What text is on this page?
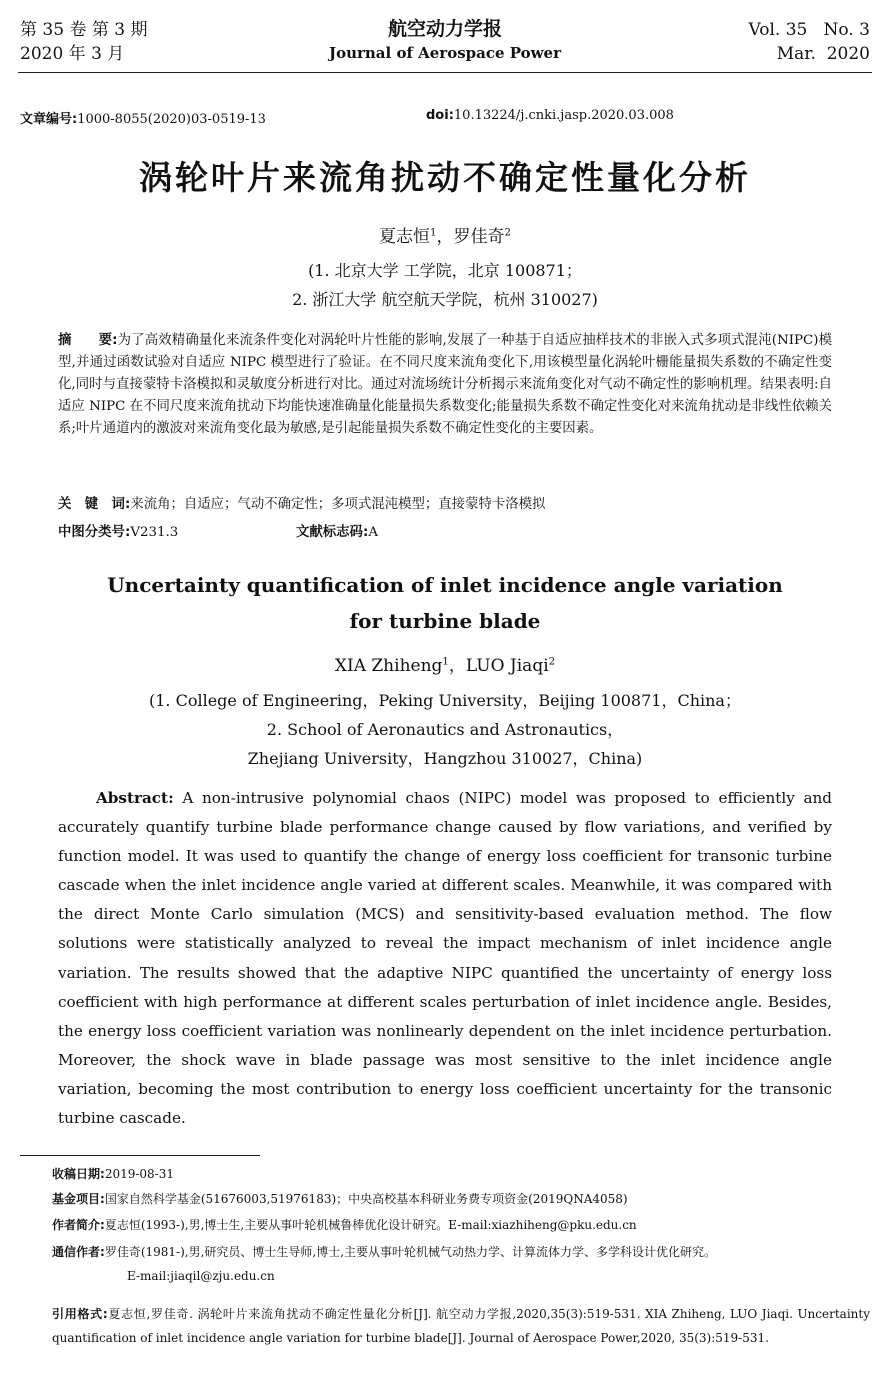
第 35 卷 第 3 期
2020 年 3 月
航空动力学报
Journal of Aerospace Power
Vol. 35   No. 3
Mar.  2020
文章编号:1000-8055(2020)03-0519-13	doi:10.13224/j.cnki.jasp.2020.03.008
涡轮叶片来流角扰动不确定性量化分析
夏志恒$^1$，罗佳奇$^2$
(1. 北京大学 工学院，北京 100871；
2. 浙江大学 航空航天学院，杭州 310027)
摘　　要:为了高效精确量化来流条件变化对涡轮叶片性能的影响,发展了一种基于自适应抽样技术的非嵌入式多项式混沌(NIPC)模型,并通过函数试验对自适应 NIPC 模型进行了验证。在不同尺度来流角变化下,用该模型量化涡轮叶栅能量损失系数的不确定性变化,同时与直接蒙特卡洛模拟和灵敏度分析进行对比。通过对流场统计分析揭示来流角变化对气动不确定性的影响机理。结果表明:自适应 NIPC 在不同尺度来流角扰动下均能快速准确量化能量损失系数变化;能量损失系数不确定性变化对来流角扰动是非线性依赖关系;叶片通道内的激波对来流角变化最为敏感,是引起能量损失系数不确定性变化的主要因素。
关　键　词:来流角；自适应；气动不确定性；多项式混沌模型；直接蒙特卡洛模拟
中图分类号:V231.3	文献标志码:A
Uncertainty quantification of inlet incidence angle variation
for turbine blade
XIA Zhiheng$^1$，LUO Jiaqi$^2$
(1. College of Engineering，Peking University，Beijing 100871，China；
2. School of Aeronautics and Astronautics，
Zhejiang University，Hangzhou 310027，China)
Abstract: A non-intrusive polynomial chaos (NIPC) model was proposed to efficiently and accurately quantify turbine blade performance change caused by flow variations, and verified by function model. It was used to quantify the change of energy loss coefficient for transonic turbine cascade when the inlet incidence angle varied at different scales. Meanwhile, it was compared with the direct Monte Carlo simulation (MCS) and sensitivity-based evaluation method. The flow solutions were statistically analyzed to reveal the impact mechanism of inlet incidence angle variation. The results showed that the adaptive NIPC quantified the uncertainty of energy loss coefficient with high performance at different scales perturbation of inlet incidence angle. Besides, the energy loss coefficient variation was nonlinearly dependent on the inlet incidence perturbation. Moreover, the shock wave in blade passage was most sensitive to the inlet incidence angle variation, becoming the most contribution to energy loss coefficient uncertainty for the transonic turbine cascade.
收稿日期:2019-08-31
基金项目:国家自然科学基金(51676003,51976183)；中央高校基本科研业务费专项资金(2019QNA4058)
作者简介:夏志恒(1993-),男,博士生,主要从事叶轮机械鲁棒优化设计研究。E-mail:xiazhiheng@pku.edu.cn
通信作者:罗佳奇(1981-),男,研究员、博士生导师,博士,主要从事叶轮机械气动热力学、计算流体力学、多学科设计优化研究。
E-mail:jiaqil@zju.edu.cn
引用格式:夏志恒,罗佳奇. 涡轮叶片来流角扰动不确定性量化分析[J]. 航空动力学报,2020,35(3):519-531. XIA Zhiheng, LUO Jiaqi. Uncertainty quantification of inlet incidence angle variation for turbine blade[J]. Journal of Aerospace Power,2020, 35(3):519-531.
